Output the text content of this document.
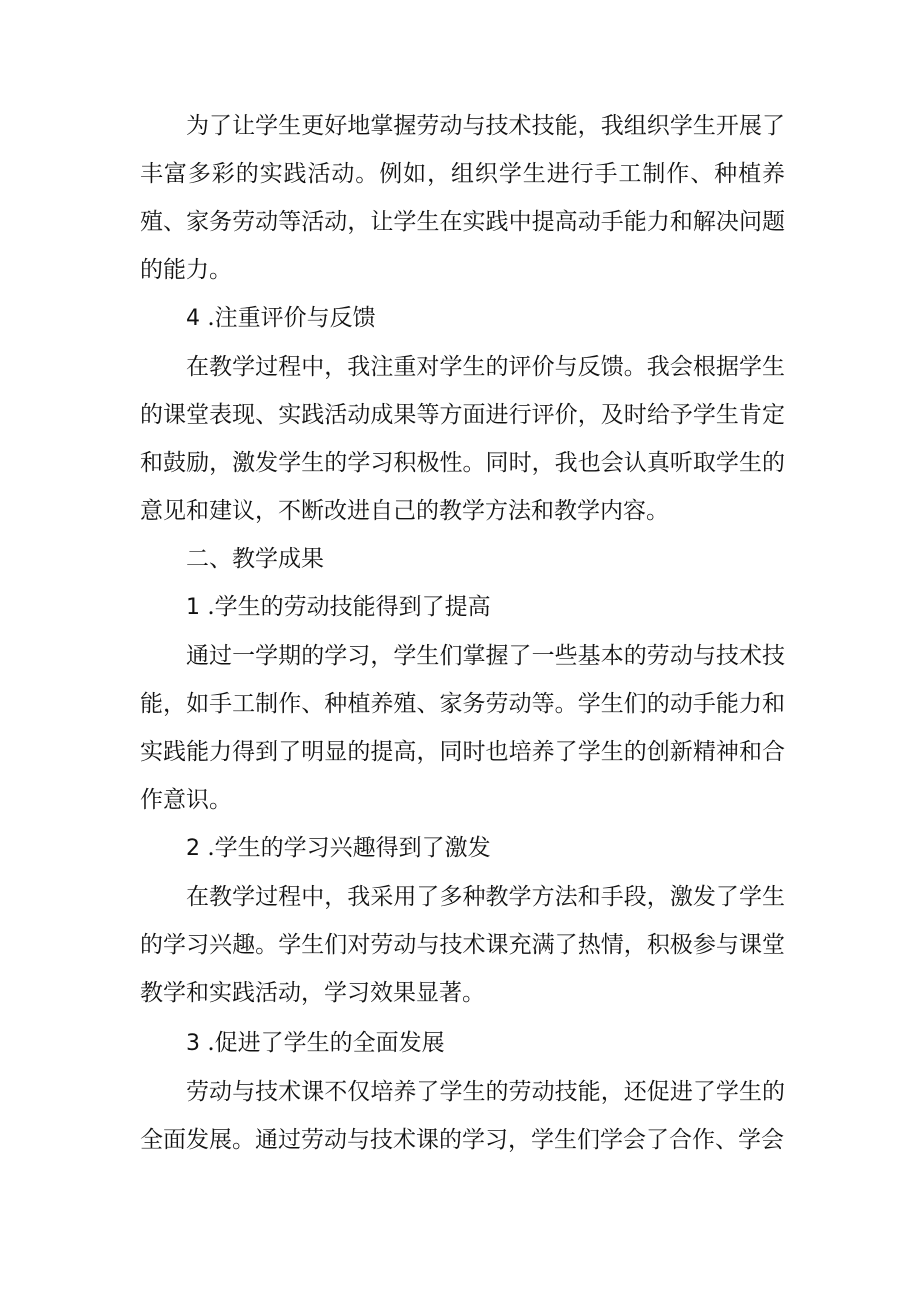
为了让学生更好地掌握劳动与技术技能，我组织学生开展了丰富多彩的实践活动。例如，组织学生进行手工制作、种植养殖、家务劳动等活动，让学生在实践中提高动手能力和解决问题的能力。

4 .注重评价与反馈

在教学过程中，我注重对学生的评价与反馈。我会根据学生的课堂表现、实践活动成果等方面进行评价，及时给予学生肯定和鼓励，激发学生的学习积极性。同时，我也会认真听取学生的意见和建议，不断改进自己的教学方法和教学内容。

二、教学成果

1 .学生的劳动技能得到了提高

通过一学期的学习，学生们掌握了一些基本的劳动与技术技能，如手工制作、种植养殖、家务劳动等。学生们的动手能力和实践能力得到了明显的提高，同时也培养了学生的创新精神和合作意识。

2 .学生的学习兴趣得到了激发

在教学过程中，我采用了多种教学方法和手段，激发了学生的学习兴趣。学生们对劳动与技术课充满了热情，积极参与课堂教学和实践活动，学习效果显著。

3 .促进了学生的全面发展

劳动与技术课不仅培养了学生的劳动技能，还促进了学生的全面发展。通过劳动与技术课的学习，学生们学会了合作、学会
